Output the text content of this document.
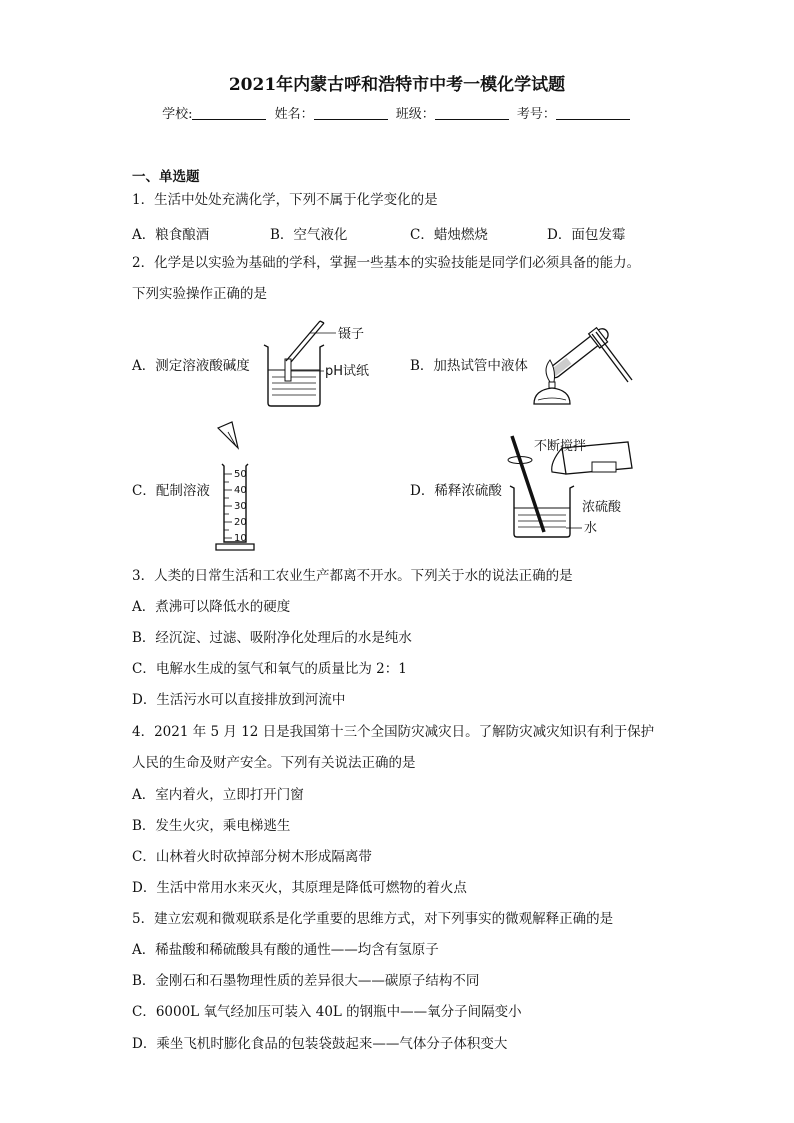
2021年内蒙古呼和浩特市中考一模化学试题
学校:	姓名：	班级：	考号：
一、单选题
1．生活中处处充满化学，下列不属于化学变化的是
A．粮食酿酒	B．空气液化	C．蜡烛燃烧	D．面包发霉
2．化学是以实验为基础的学科，掌握一些基本的实验技能是同学们必须具备的能力。
下列实验操作正确的是
A．测定溶液酸碱度	B．加热试管中液体
C．配制溶液	D．稀释浓硫酸
镊子
pH试纸
50
40
30
20
10
不断搅拌
浓硫酸
水
3．人类的日常生活和工农业生产都离不开水。下列关于水的说法正确的是
A．煮沸可以降低水的硬度
B．经沉淀、过滤、吸附净化处理后的水是纯水
C．电解水生成的氢气和氧气的质量比为 2：1
D．生活污水可以直接排放到河流中
4．2021 年 5 月 12 日是我国第十三个全国防灾减灾日。了解防灾减灾知识有利于保护
人民的生命及财产安全。下列有关说法正确的是
A．室内着火，立即打开门窗
B．发生火灾，乘电梯逃生
C．山林着火时砍掉部分树木形成隔离带
D．生活中常用水来灭火，其原理是降低可燃物的着火点
5．建立宏观和微观联系是化学重要的思维方式，对下列事实的微观解释正确的是
A．稀盐酸和稀硫酸具有酸的通性——均含有氢原子
B．金刚石和石墨物理性质的差异很大——碳原子结构不同
C．6000L 氧气经加压可装入 40L 的钢瓶中——氧分子间隔变小
D．乘坐飞机时膨化食品的包装袋鼓起来——气体分子体积变大
